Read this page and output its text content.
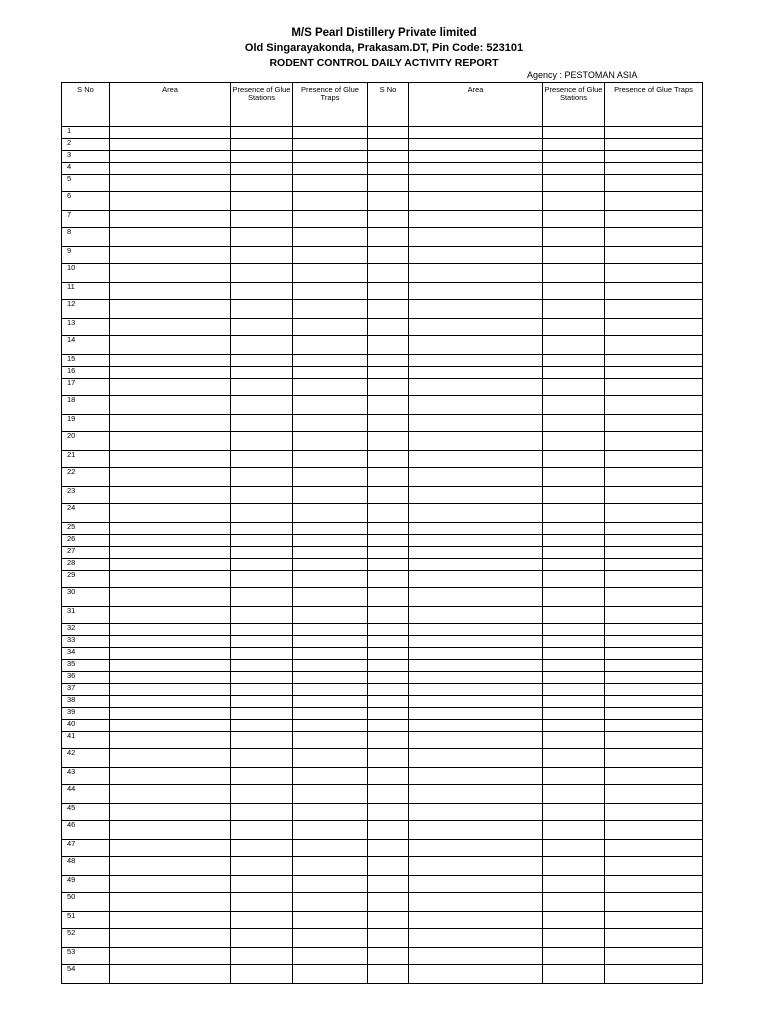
M/S Pearl Distillery Private limited
Old Singarayakonda, Prakasam.DT, Pin Code: 523101
RODENT CONTROL DAILY ACTIVITY REPORT
Agency : PESTOMAN ASIA
S No	Area	Presence of Glue Stations	Presence of Glue Traps	S No	Area	Presence of Glue Stations	Presence of Glue Traps
1							
2							
3							
4							
5							
6							
7							
8							
9							
10							
11							
12							
13							
14							
15							
16							
17							
18							
19							
20							
21							
22							
23							
24							
25							
26							
27							
28							
29							
30							
31							
32							
33							
34							
35							
36							
37							
38							
39							
40							
41							
42							
43							
44							
45							
46							
47							
48							
49							
50							
51							
52							
53							
54							
